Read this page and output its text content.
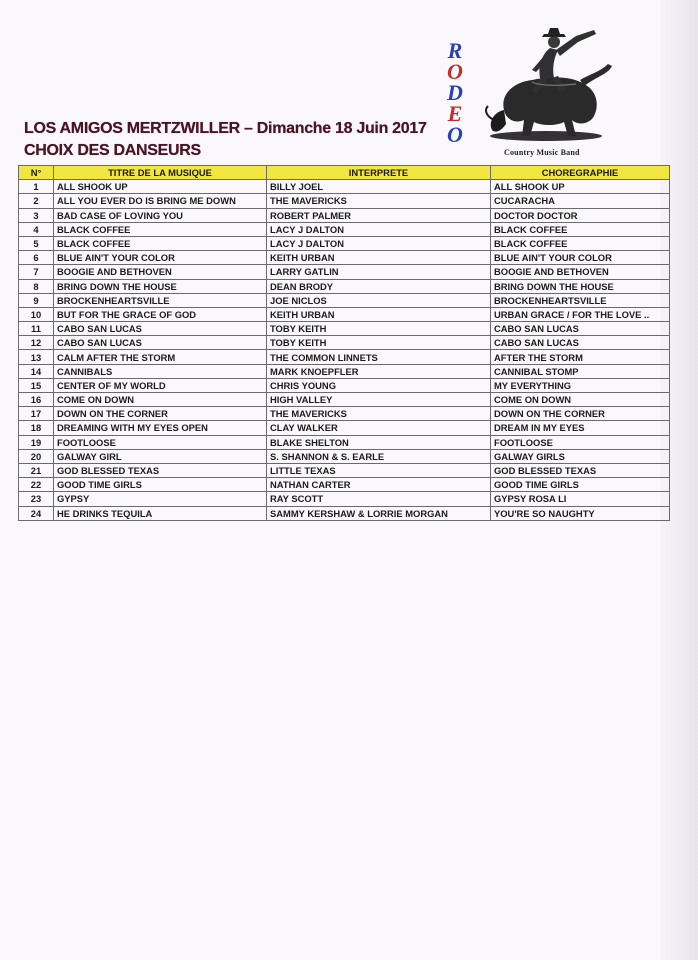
R
O
D
E
O
Country Music Band
LOS AMIGOS MERTZWILLER – Dimanche 18 Juin 2017
CHOIX DES DANSEURS
N°	TITRE DE LA MUSIQUE	INTERPRETE	CHOREGRAPHIE
1	ALL SHOOK UP	BILLY JOEL	ALL SHOOK UP
2	ALL YOU EVER DO IS BRING ME DOWN	THE MAVERICKS	CUCARACHA
3	BAD CASE OF LOVING YOU	ROBERT PALMER	DOCTOR DOCTOR
4	BLACK COFFEE	LACY J DALTON	BLACK COFFEE
5	BLACK COFFEE	LACY J DALTON	BLACK COFFEE
6	BLUE AIN'T YOUR COLOR	KEITH URBAN	BLUE AIN'T YOUR COLOR
7	BOOGIE AND BETHOVEN	LARRY GATLIN	BOOGIE AND BETHOVEN
8	BRING DOWN THE HOUSE	DEAN BRODY	BRING DOWN THE HOUSE
9	BROCKENHEARTSVILLE	JOE NICLOS	BROCKENHEARTSVILLE
10	BUT FOR THE GRACE OF GOD	KEITH URBAN	URBAN GRACE / FOR THE LOVE ..
11	CABO SAN LUCAS	TOBY KEITH	CABO SAN LUCAS
12	CABO SAN LUCAS	TOBY KEITH	CABO SAN LUCAS
13	CALM AFTER THE STORM	THE COMMON LINNETS	AFTER THE STORM
14	CANNIBALS	MARK KNOEPFLER	CANNIBAL STOMP
15	CENTER OF MY WORLD	CHRIS YOUNG	MY EVERYTHING
16	COME ON DOWN	HIGH VALLEY	COME ON DOWN
17	DOWN ON THE CORNER	THE MAVERICKS	DOWN ON THE CORNER
18	DREAMING WITH MY EYES OPEN	CLAY WALKER	DREAM IN MY EYES
19	FOOTLOOSE	BLAKE SHELTON	FOOTLOOSE
20	GALWAY GIRL	S. SHANNON & S. EARLE	GALWAY GIRLS
21	GOD BLESSED TEXAS	LITTLE TEXAS	GOD BLESSED TEXAS
22	GOOD TIME GIRLS	NATHAN CARTER	GOOD TIME GIRLS
23	GYPSY	RAY SCOTT	GYPSY ROSA LI
24	HE DRINKS TEQUILA	SAMMY KERSHAW & LORRIE MORGAN	YOU'RE SO NAUGHTY
